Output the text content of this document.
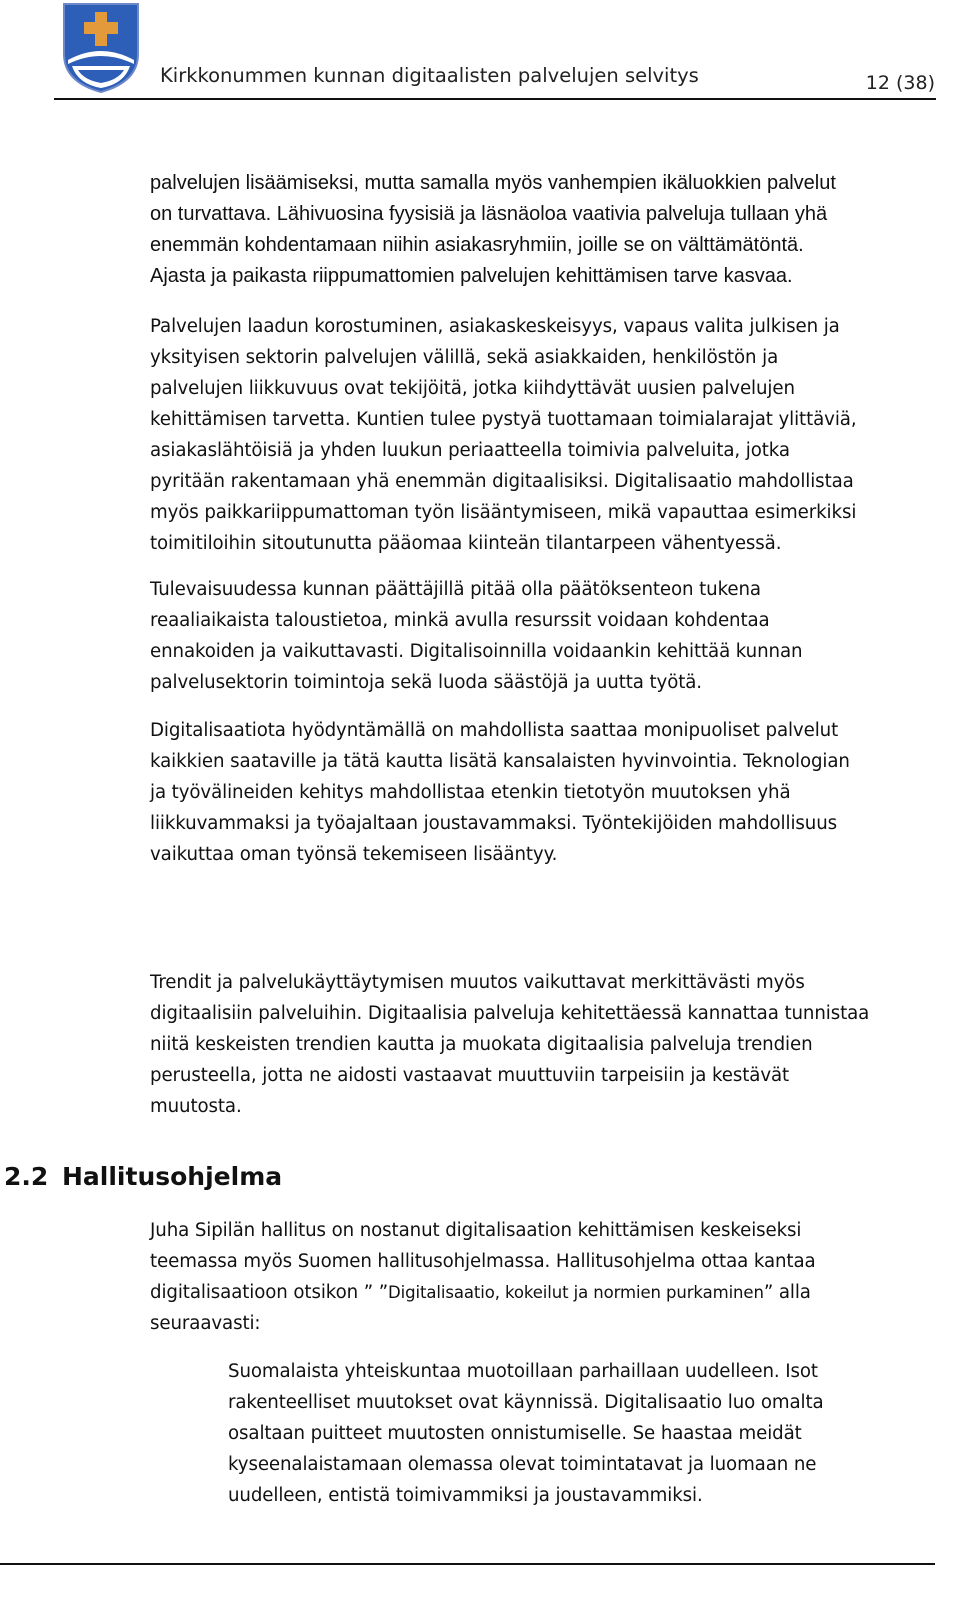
Kirkkonummen kunnan digitaalisten palvelujen selvitys	12 (38)
palvelujen lisäämiseksi, mutta samalla myös vanhempien ikäluokkien palvelut
on turvattava. Lähivuosina fyysisiä ja läsnäoloa vaativia palveluja tullaan yhä
enemmän kohdentamaan niihin asiakasryhmiin, joille se on välttämätöntä.
Ajasta ja paikasta riippumattomien palvelujen kehittämisen tarve kasvaa.
Palvelujen laadun korostuminen, asiakaskeskeisyys, vapaus valita julkisen ja
yksityisen sektorin palvelujen välillä, sekä asiakkaiden, henkilöstön ja
palvelujen liikkuvuus ovat tekijöitä, jotka kiihdyttävät uusien palvelujen
kehittämisen tarvetta. Kuntien tulee pystyä tuottamaan toimialarajat ylittäviä,
asiakaslähtöisiä ja yhden luukun periaatteella toimivia palveluita, jotka
pyritään rakentamaan yhä enemmän digitaalisiksi. Digitalisaatio mahdollistaa
myös paikkariippumattoman työn lisääntymiseen, mikä vapauttaa esimerkiksi
toimitiloihin sitoutunutta pääomaa kiinteän tilantarpeen vähentyessä.
Tulevaisuudessa kunnan päättäjillä pitää olla päätöksenteon tukena
reaaliaikaista taloustietoa, minkä avulla resurssit voidaan kohdentaa
ennakoiden ja vaikuttavasti. Digitalisoinnilla voidaankin kehittää kunnan
palvelusektorin toimintoja sekä luoda säästöjä ja uutta työtä.
Digitalisaatiota hyödyntämällä on mahdollista saattaa monipuoliset palvelut
kaikkien saataville ja tätä kautta lisätä kansalaisten hyvinvointia. Teknologian
ja työvälineiden kehitys mahdollistaa etenkin tietotyön muutoksen yhä
liikkuvammaksi ja työajaltaan joustavammaksi. Työntekijöiden mahdollisuus
vaikuttaa oman työnsä tekemiseen lisääntyy.
Trendit ja palvelukäyttäytymisen muutos vaikuttavat merkittävästi myös
digitaalisiin palveluihin. Digitaalisia palveluja kehitettäessä kannattaa tunnistaa
niitä keskeisten trendien kautta ja muokata digitaalisia palveluja trendien
perusteella, jotta ne aidosti vastaavat muuttuviin tarpeisiin ja kestävät
muutosta.
2.2 Hallitusohjelma
Juha Sipilän hallitus on nostanut digitalisaation kehittämisen keskeiseksi
teemassa myös Suomen hallitusohjelmassa. Hallitusohjelma ottaa kantaa
digitalisaatioon otsikon ” ”Digitalisaatio, kokeilut ja normien purkaminen” alla
seuraavasti:
Suomalaista yhteiskuntaa muotoillaan parhaillaan uudelleen. Isot
rakenteelliset muutokset ovat käynnissä. Digitalisaatio luo omalta
osaltaan puitteet muutosten onnistumiselle. Se haastaa meidät
kyseenalaistamaan olemassa olevat toimintatavat ja luomaan ne
uudelleen, entistä toimivammiksi ja joustavammiksi.
